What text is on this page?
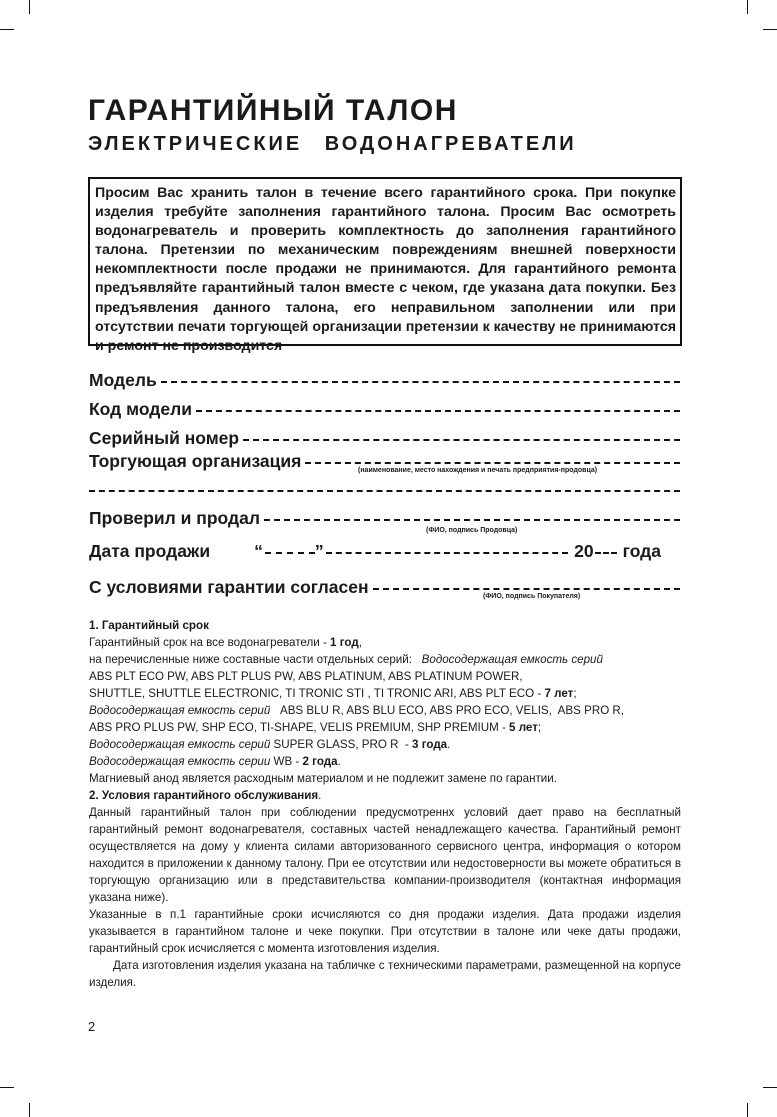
ГАРАНТИЙНЫЙ ТАЛОН
ЭЛЕКТРИЧЕСКИЕ ВОДОНАГРЕВАТЕЛИ
Просим Вас хранить талон в течение всего гарантийного срока. При покупке изделия требуйте заполнения гарантийного талона. Просим Вас осмотреть водонагреватель и проверить комплектность до заполнения гарантийного талона. Претензии по механическим повреждениям внешней поверхности некомплектности после продажи не принимаются. Для гарантийного ремонта предъявляйте гарантийный талон вместе с чеком, где указана дата покупки. Без предъявления данного талона, его неправильном заполнении или при отсутствии печати торгующей организации претензии к качеству не принимаются и ремонт не производится
Модель
Код модели
Серийный номер
Торгующая организация	(наименование, место нахождения и печать предприятия-продовца)
Проверил и продал
(ФИО, подпись Продовца)
Дата продажи	“	”	20 года
С условиями гарантии согласен	(ФИО, подпись Покупателя)

1. Гарантийный срок

Гарантийный срок на все водонагреватели - 1 год,

на перечисленные ниже составные части отдельных серий:   Водосодержащая емкость серий

ABS PLT ECO PW, ABS PLT PLUS PW, ABS PLATINUM, ABS PLATINUM POWER,

SHUTTLE, SHUTTLE ELECTRONIC, TI TRONIC STI , TI TRONIC ARI, ABS PLT ECO - 7 лет;

Водосодержащая емкость серий   ABS BLU R, ABS BLU ECO, ABS PRO ECO, VELIS,  ABS PRO R,

ABS PRO PLUS PW, SHP ECO, TI-SHAPE, VELIS PREMIUM, SHP PREMIUM - 5 лет;

Водосодержащая емкость серий SUPER GLASS, PRO R  - 3 года.

Водосодержащая емкость серии WB - 2 года.

Магниевый анод является расходным материалом и не подлежит замене по гарантии.

2. Условия гарантийного обслуживания.

Данный гарантийный талон при соблюдении предусмотреннх условий дает право на бесплатный гарантийный ремонт водонагревателя, составных частей ненадлежащего качества. Гарантийный ремонт осуществляется на дому у клиента силами авторизованного сервисного центра, информация о котором находится в приложении к данному талону. При ее отсутствии или недостоверности вы можете обратиться в торгующую организацию или в представительства компании-производителя (контактная информация указана ниже).

Указанные в п.1 гарантийные сроки исчисляются со дня продажи изделия. Дата продажи изделия указывается в гарантийном талоне и чеке покупки. При отсутствии в талоне или чеке даты продажи, гарантийный срок исчисляется с момента изготовления изделия.

Дата изготовления изделия указана на табличке с техническими параметрами, размещенной на корпусе изделия.

2
